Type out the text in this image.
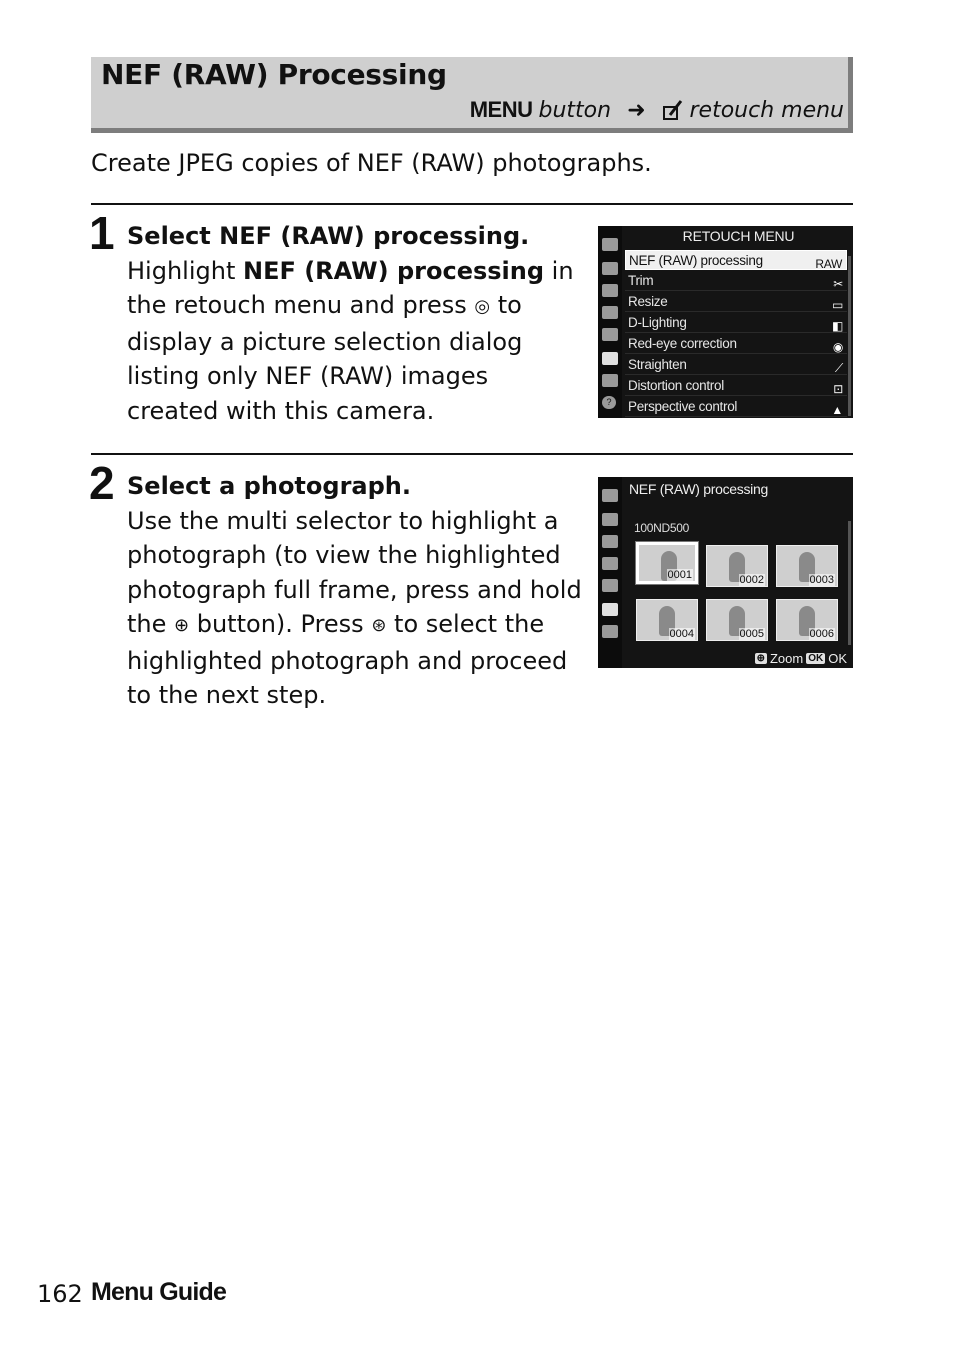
NEF (RAW) Processing
MENU button ➜ retouch menu
Create JPEG copies of NEF (RAW) photographs.
1 Select NEF (RAW) processing.
Highlight NEF (RAW) processing in the retouch menu and press ◎ to display a picture selection dialog listing only NEF (RAW) images created with this camera.	?
RETOUCH MENU
NEF (RAW) processing	RAW
Trim	✂
Resize	▭
D-Lighting	◧
Red-eye correction	◉
Straighten	⟋
Distortion control	⊡
Perspective control	▲
2 Select a photograph.
Use the multi selector to highlight a photograph (to view the highlighted photograph full frame, press and hold the ⊕ button). Press ⊛ to select the highlighted photograph and proceed to the next step.
NEF (RAW) processing
100ND500
0001	0002	0003
0004	0005	0006
⊕ Zoom OK OK
162 Menu Guide
